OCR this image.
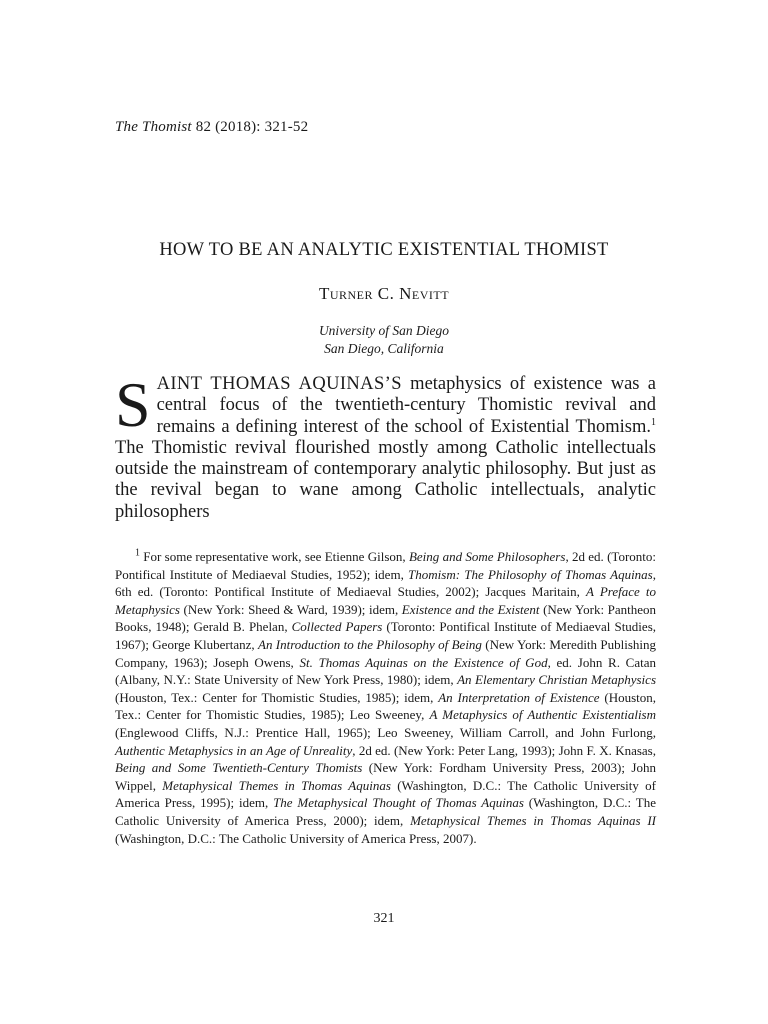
The Thomist 82 (2018): 321-52
HOW TO BE AN ANALYTIC EXISTENTIAL THOMIST
Turner C. Nevitt
University of San Diego
San Diego, California
SAINT THOMAS AQUINAS’S metaphysics of existence was a central focus of the twentieth-century Thomistic revival and remains a defining interest of the school of Existential Thomism.$^1$ The Thomistic revival flourished mostly among Catholic intellectuals outside the mainstream of contemporary analytic philosophy. But just as the revival began to wane among Catholic intellectuals, analytic philosophers

$^1$ For some representative work, see Etienne Gilson, Being and Some Philosophers, 2d ed. (Toronto: Pontifical Institute of Mediaeval Studies, 1952); idem, Thomism: The Philosophy of Thomas Aquinas, 6th ed. (Toronto: Pontifical Institute of Mediaeval Studies, 2002); Jacques Maritain, A Preface to Metaphysics (New York: Sheed & Ward, 1939); idem, Existence and the Existent (New York: Pantheon Books, 1948); Gerald B. Phelan, Collected Papers (Toronto: Pontifical Institute of Mediaeval Studies, 1967); George Klubertanz, An Introduction to the Philosophy of Being (New York: Meredith Publishing Company, 1963); Joseph Owens, St. Thomas Aquinas on the Existence of God, ed. John R. Catan (Albany, N.Y.: State University of New York Press, 1980); idem, An Elementary Christian Metaphysics (Houston, Tex.: Center for Thomistic Studies, 1985); idem, An Interpretation of Existence (Houston, Tex.: Center for Thomistic Studies, 1985); Leo Sweeney, A Metaphysics of Authentic Existentialism (Englewood Cliffs, N.J.: Prentice Hall, 1965); Leo Sweeney, William Carroll, and John Furlong, Authentic Metaphysics in an Age of Unreality, 2d ed. (New York: Peter Lang, 1993); John F. X. Knasas, Being and Some Twentieth-Century Thomists (New York: Fordham University Press, 2003); John Wippel, Metaphysical Themes in Thomas Aquinas (Washington, D.C.: The Catholic University of America Press, 1995); idem, The Metaphysical Thought of Thomas Aquinas (Washington, D.C.: The Catholic University of America Press, 2000); idem, Metaphysical Themes in Thomas Aquinas II (Washington, D.C.: The Catholic University of America Press, 2007).

321
